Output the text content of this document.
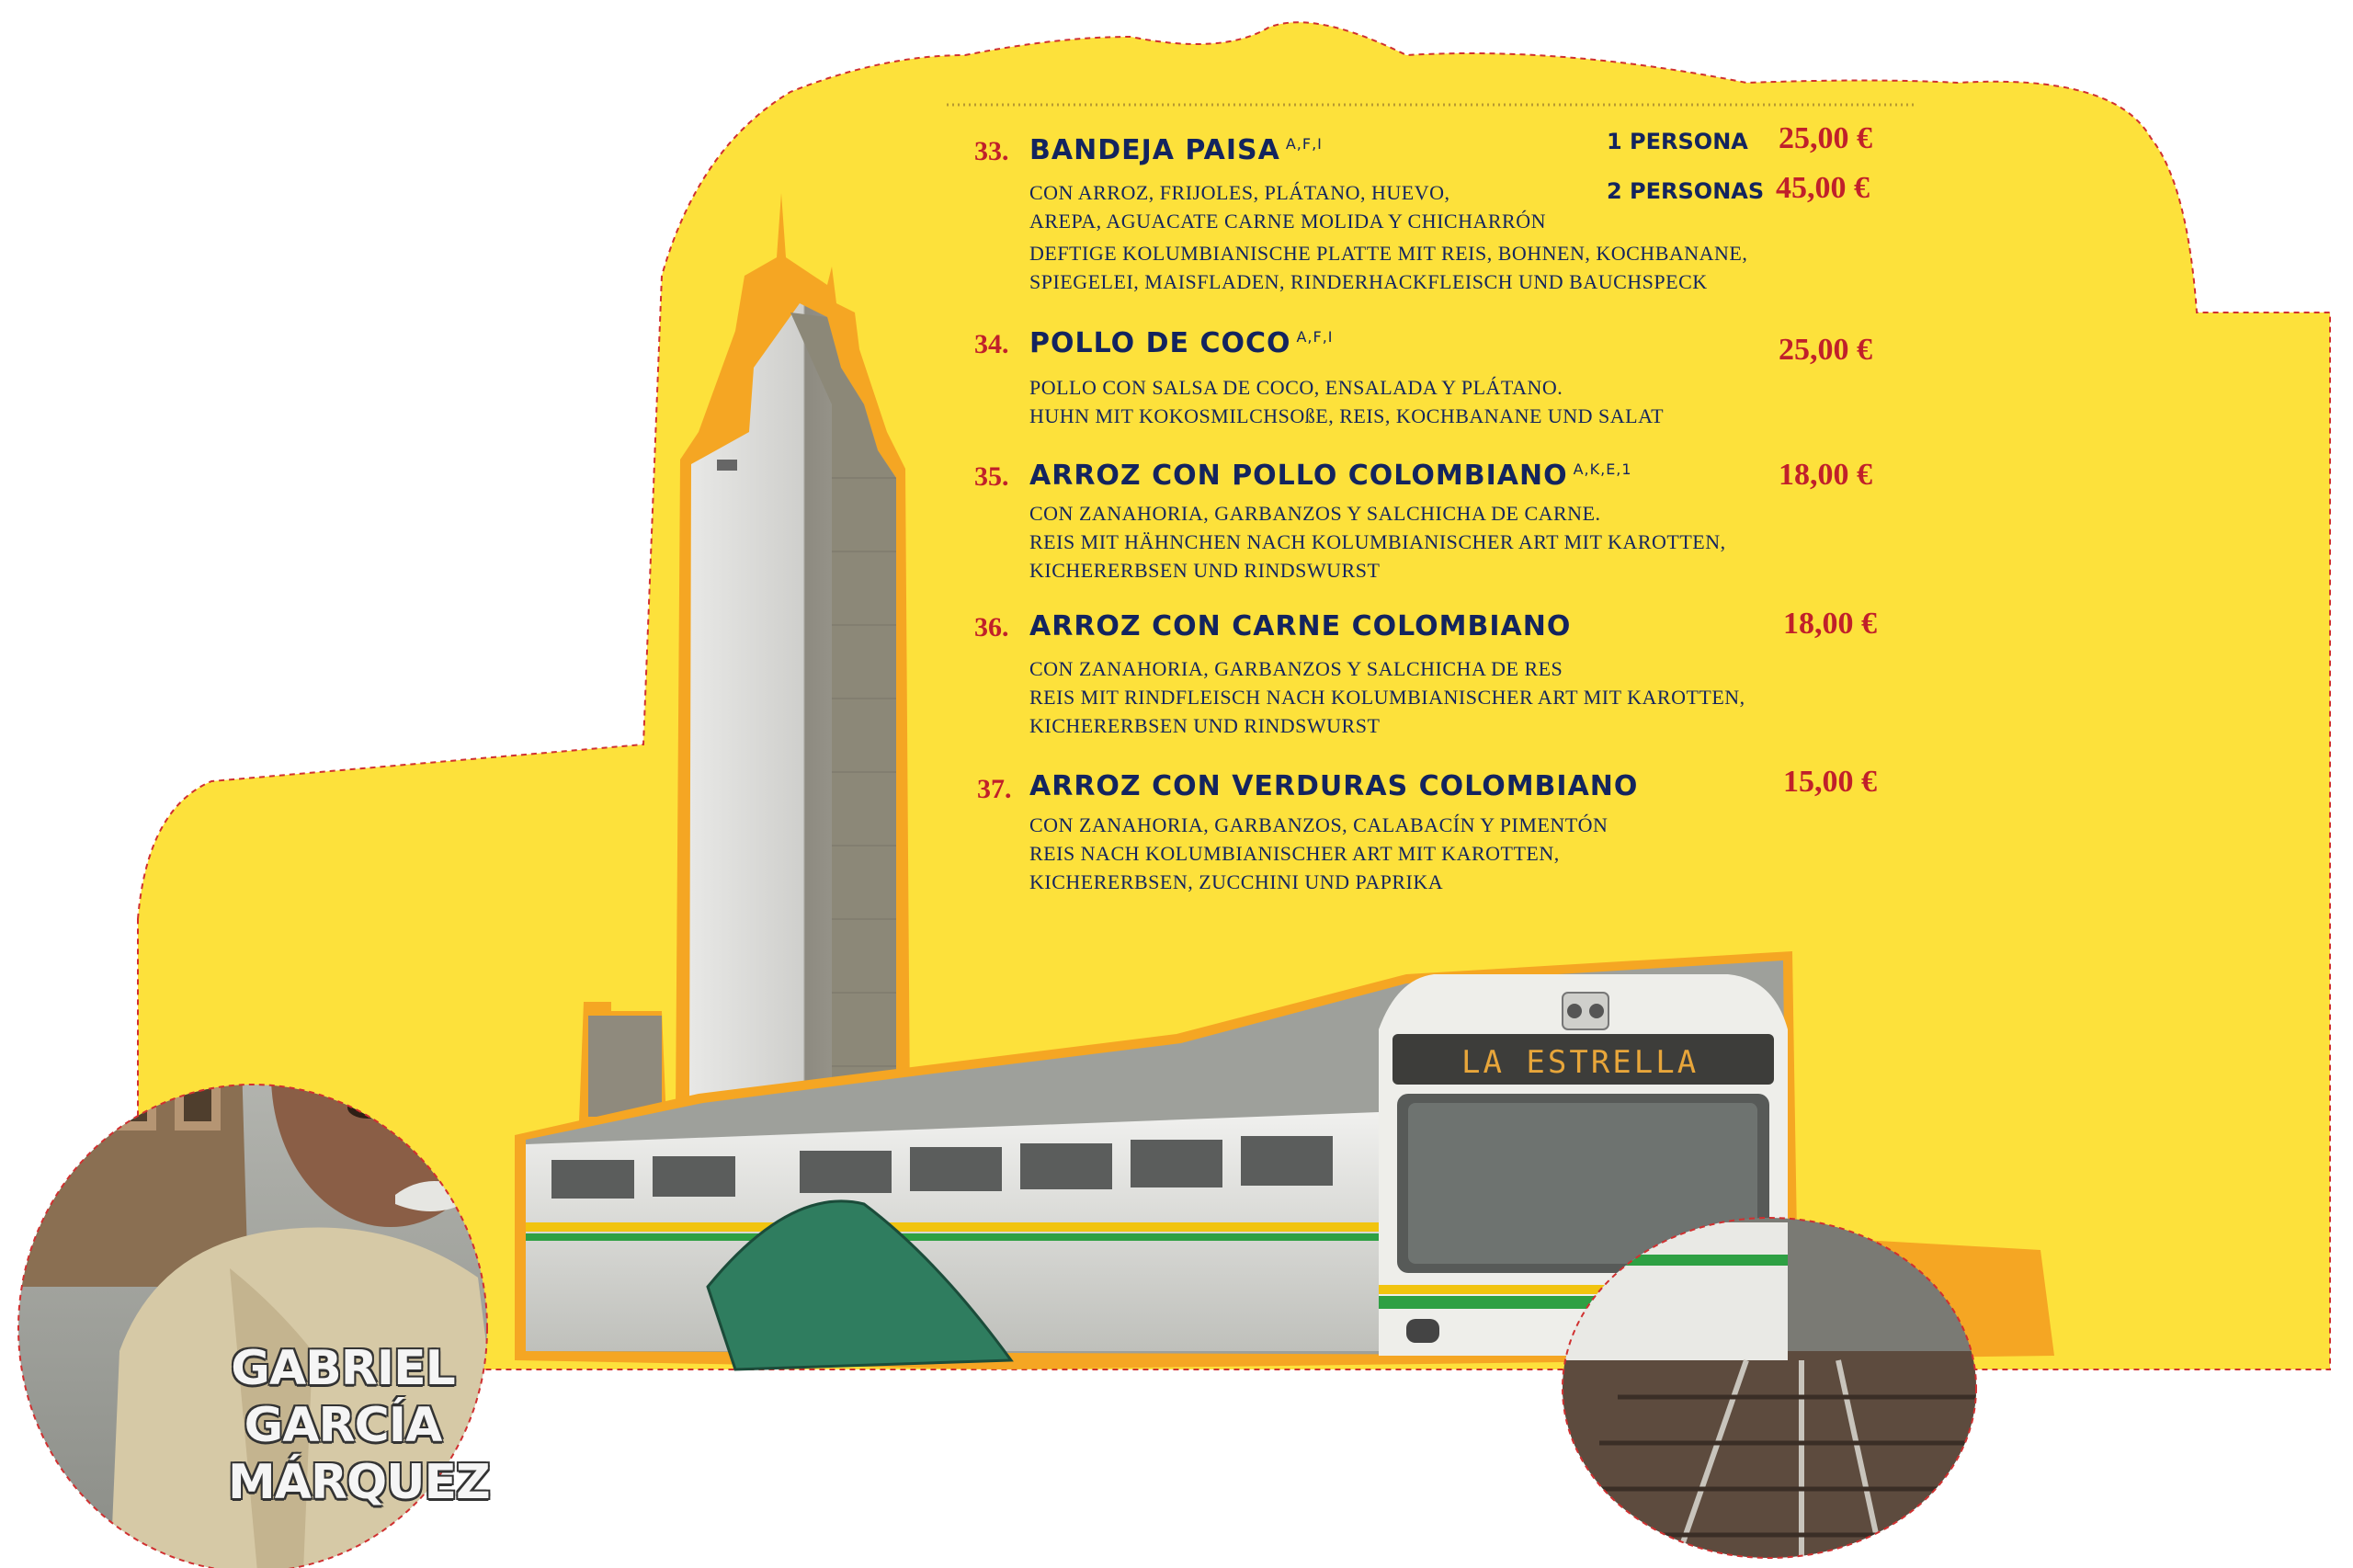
LA ESTRELLA
33. BANDEJA PAISA $^{A,F,I}$	1 PERSONA 25,00 €
2 PERSONAS 45,00 €
CON ARROZ, FRIJOLES, PLÁTANO, HUEVO,
AREPA, AGUACATE CARNE MOLIDA Y CHICHARRÓN
DEFTIGE KOLUMBIANISCHE PLATTE MIT REIS, BOHNEN, KOCHBANANE,
SPIEGELEI, MAISFLADEN, RINDERHACKFLEISCH UND BAUCHSPECK
34. POLLO DE COCO $^{A,F,I}$	25,00 €
POLLO CON SALSA DE COCO, ENSALADA Y PLÁTANO.
HUHN MIT KOKOSMILCHSOßE, REIS, KOCHBANANE UND SALAT
35. ARROZ CON POLLO COLOMBIANO $^{A,K,E,1}$	18,00 €
CON ZANAHORIA, GARBANZOS Y SALCHICHA DE CARNE.
REIS MIT HÄHNCHEN NACH KOLUMBIANISCHER ART MIT KAROTTEN,
KICHERERBSEN UND RINDSWURST
36. ARROZ CON CARNE COLOMBIANO	18,00 €
CON ZANAHORIA, GARBANZOS Y SALCHICHA DE RES
REIS MIT RINDFLEISCH NACH KOLUMBIANISCHER ART MIT KAROTTEN,
KICHERERBSEN UND RINDSWURST
37. ARROZ CON VERDURAS COLOMBIANO	15,00 €
CON ZANAHORIA, GARBANZOS, CALABACÍN Y PIMENTÓN
REIS NACH KOLUMBIANISCHER ART MIT KAROTTEN,
KICHERERBSEN, ZUCCHINI UND PAPRIKA
GABRIEL
GARCÍA
MÁRQUEZ
